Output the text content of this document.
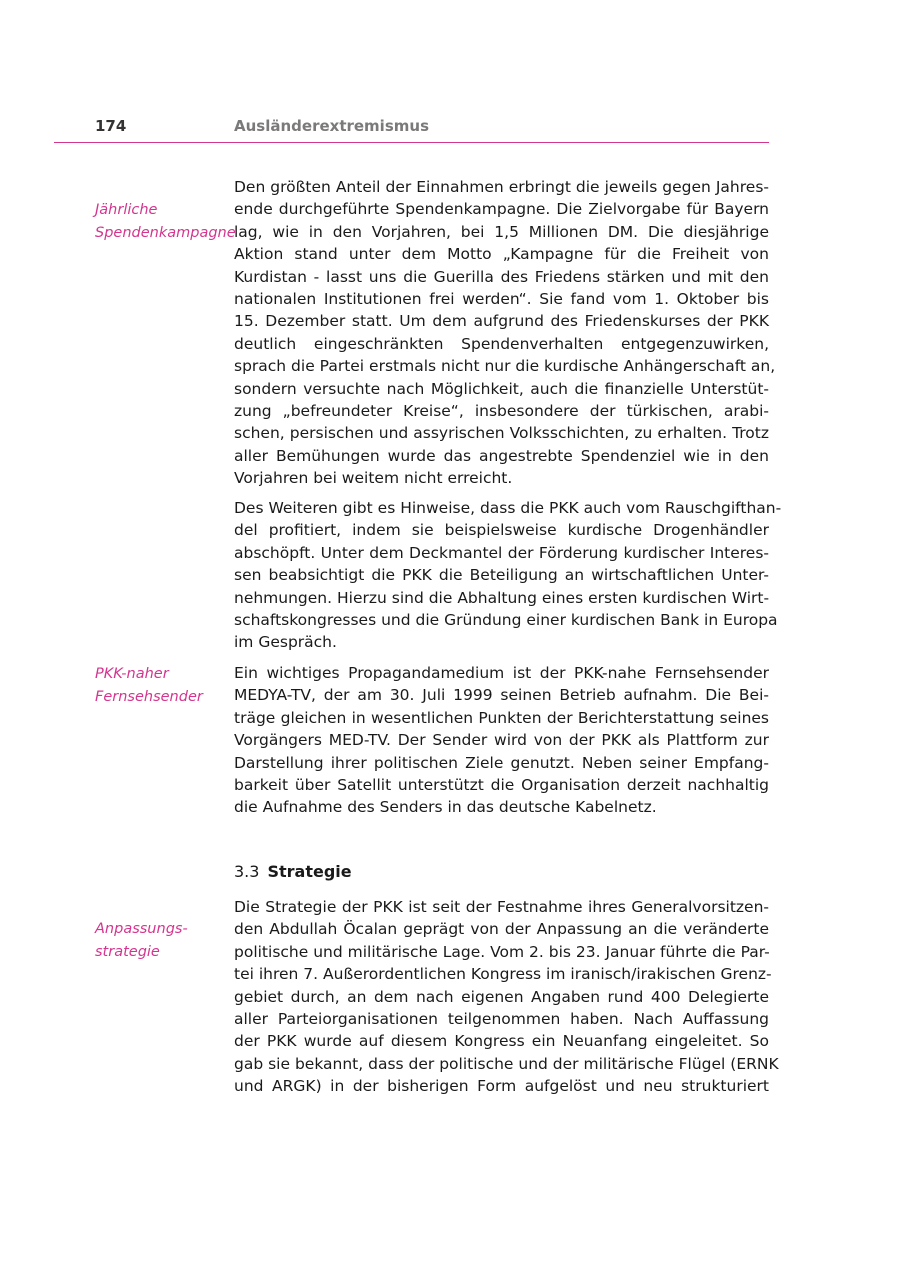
174	Ausländerextremismus
Jährliche
Spendenkampagne
PKK-naher
Fernsehsender
Anpassungs-
strategie
Den größten Anteil der Einnahmen erbringt die jeweils gegen Jahres-
ende durchgeführte Spendenkampagne. Die Zielvorgabe für Bayern
lag, wie in den Vorjahren, bei 1,5 Millionen DM. Die diesjährige
Aktion stand unter dem Motto „Kampagne für die Freiheit von
Kurdistan - lasst uns die Guerilla des Friedens stärken und mit den
nationalen Institutionen frei werden“. Sie fand vom 1. Oktober bis
15. Dezember statt. Um dem aufgrund des Friedenskurses der PKK
deutlich eingeschränkten Spendenverhalten entgegenzuwirken,
sprach die Partei erstmals nicht nur die kurdische Anhängerschaft an,
sondern versuchte nach Möglichkeit, auch die finanzielle Unterstüt-
zung „befreundeter Kreise“, insbesondere der türkischen, arabi-
schen, persischen und assyrischen Volksschichten, zu erhalten. Trotz
aller Bemühungen wurde das angestrebte Spendenziel wie in den
Vorjahren bei weitem nicht erreicht.
Des Weiteren gibt es Hinweise, dass die PKK auch vom Rauschgifthan-
del profitiert, indem sie beispielsweise kurdische Drogenhändler
abschöpft. Unter dem Deckmantel der Förderung kurdischer Interes-
sen beabsichtigt die PKK die Beteiligung an wirtschaftlichen Unter-
nehmungen. Hierzu sind die Abhaltung eines ersten kurdischen Wirt-
schaftskongresses und die Gründung einer kurdischen Bank in Europa
im Gespräch.
Ein wichtiges Propagandamedium ist der PKK-nahe Fernsehsender
MEDYA-TV, der am 30. Juli 1999 seinen Betrieb aufnahm. Die Bei-
träge gleichen in wesentlichen Punkten der Berichterstattung seines
Vorgängers MED-TV. Der Sender wird von der PKK als Plattform zur
Darstellung ihrer politischen Ziele genutzt. Neben seiner Empfang-
barkeit über Satellit unterstützt die Organisation derzeit nachhaltig
die Aufnahme des Senders in das deutsche Kabelnetz.
3.3 Strategie
Die Strategie der PKK ist seit der Festnahme ihres Generalvorsitzen-
den Abdullah Öcalan geprägt von der Anpassung an die veränderte
politische und militärische Lage. Vom 2. bis 23. Januar führte die Par-
tei ihren 7. Außerordentlichen Kongress im iranisch/irakischen Grenz-
gebiet durch, an dem nach eigenen Angaben rund 400 Delegierte
aller Parteiorganisationen teilgenommen haben. Nach Auffassung
der PKK wurde auf diesem Kongress ein Neuanfang eingeleitet. So
gab sie bekannt, dass der politische und der militärische Flügel (ERNK
und ARGK) in der bisherigen Form aufgelöst und neu strukturiert
